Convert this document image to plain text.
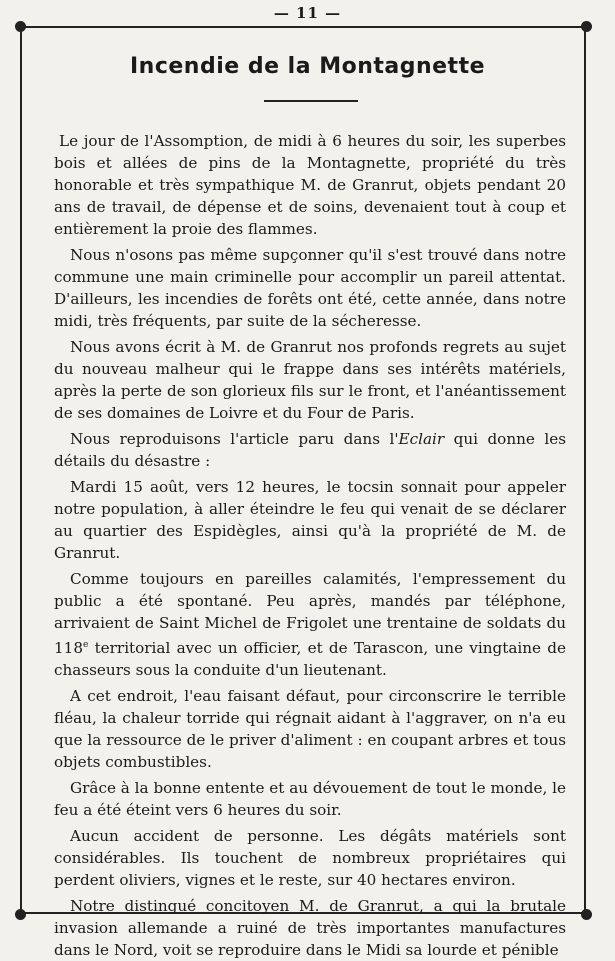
— 11 —
Incendie de la Montagnette

Le jour de l'Assomption, de midi à 6 heures du soir, les superbes bois et allées de pins de la Montagnette, propriété du très honorable et très sympathique M. de Granrut, objets pendant 20 ans de travail, de dépense et de soins, devenaient tout à coup et entièrement la proie des flammes.

Nous n'osons pas même supçonner qu'il s'est trouvé dans notre commune une main criminelle pour accomplir un pareil attentat. D'ailleurs, les incendies de forêts ont été, cette année, dans notre midi, très fréquents, par suite de la sécheresse.

Nous avons écrit à M. de Granrut nos profonds regrets au sujet du nouveau malheur qui le frappe dans ses intérêts matériels, après la perte de son glorieux fils sur le front, et l'anéantissement de ses domaines de Loivre et du Four de Paris.

Nous reproduisons l'article paru dans l'Eclair qui donne les détails du désastre :

Mardi 15 août, vers 12 heures, le tocsin sonnait pour appeler notre population, à aller éteindre le feu qui venait de se déclarer au quartier des Espidègles, ainsi qu'à la propriété de M. de Granrut.

Comme toujours en pareilles calamités, l'empressement du public a été spontané. Peu après, mandés par téléphone, arrivaient de Saint Michel de Frigolet une trentaine de soldats du 118e territorial avec un officier, et de Tarascon, une vingtaine de chasseurs sous la conduite d'un lieutenant.

A cet endroit, l'eau faisant défaut, pour circonscrire le terrible fléau, la chaleur torride qui régnait aidant à l'aggraver, on n'a eu que la ressource de le priver d'aliment : en coupant arbres et tous objets combustibles.

Grâce à la bonne entente et au dévouement de tout le monde, le feu a été éteint vers 6 heures du soir.

Aucun accident de personne. Les dégâts matériels sont considérables. Ils touchent de nombreux propriétaires qui perdent oliviers, vignes et le reste, sur 40 hectares environ.

Notre distingué concitoyen M. de Granrut, a qui la brutale invasion allemande a ruiné de très importantes manufactures dans le Nord, voit se reproduire dans le Midi sa lourde et pénible
